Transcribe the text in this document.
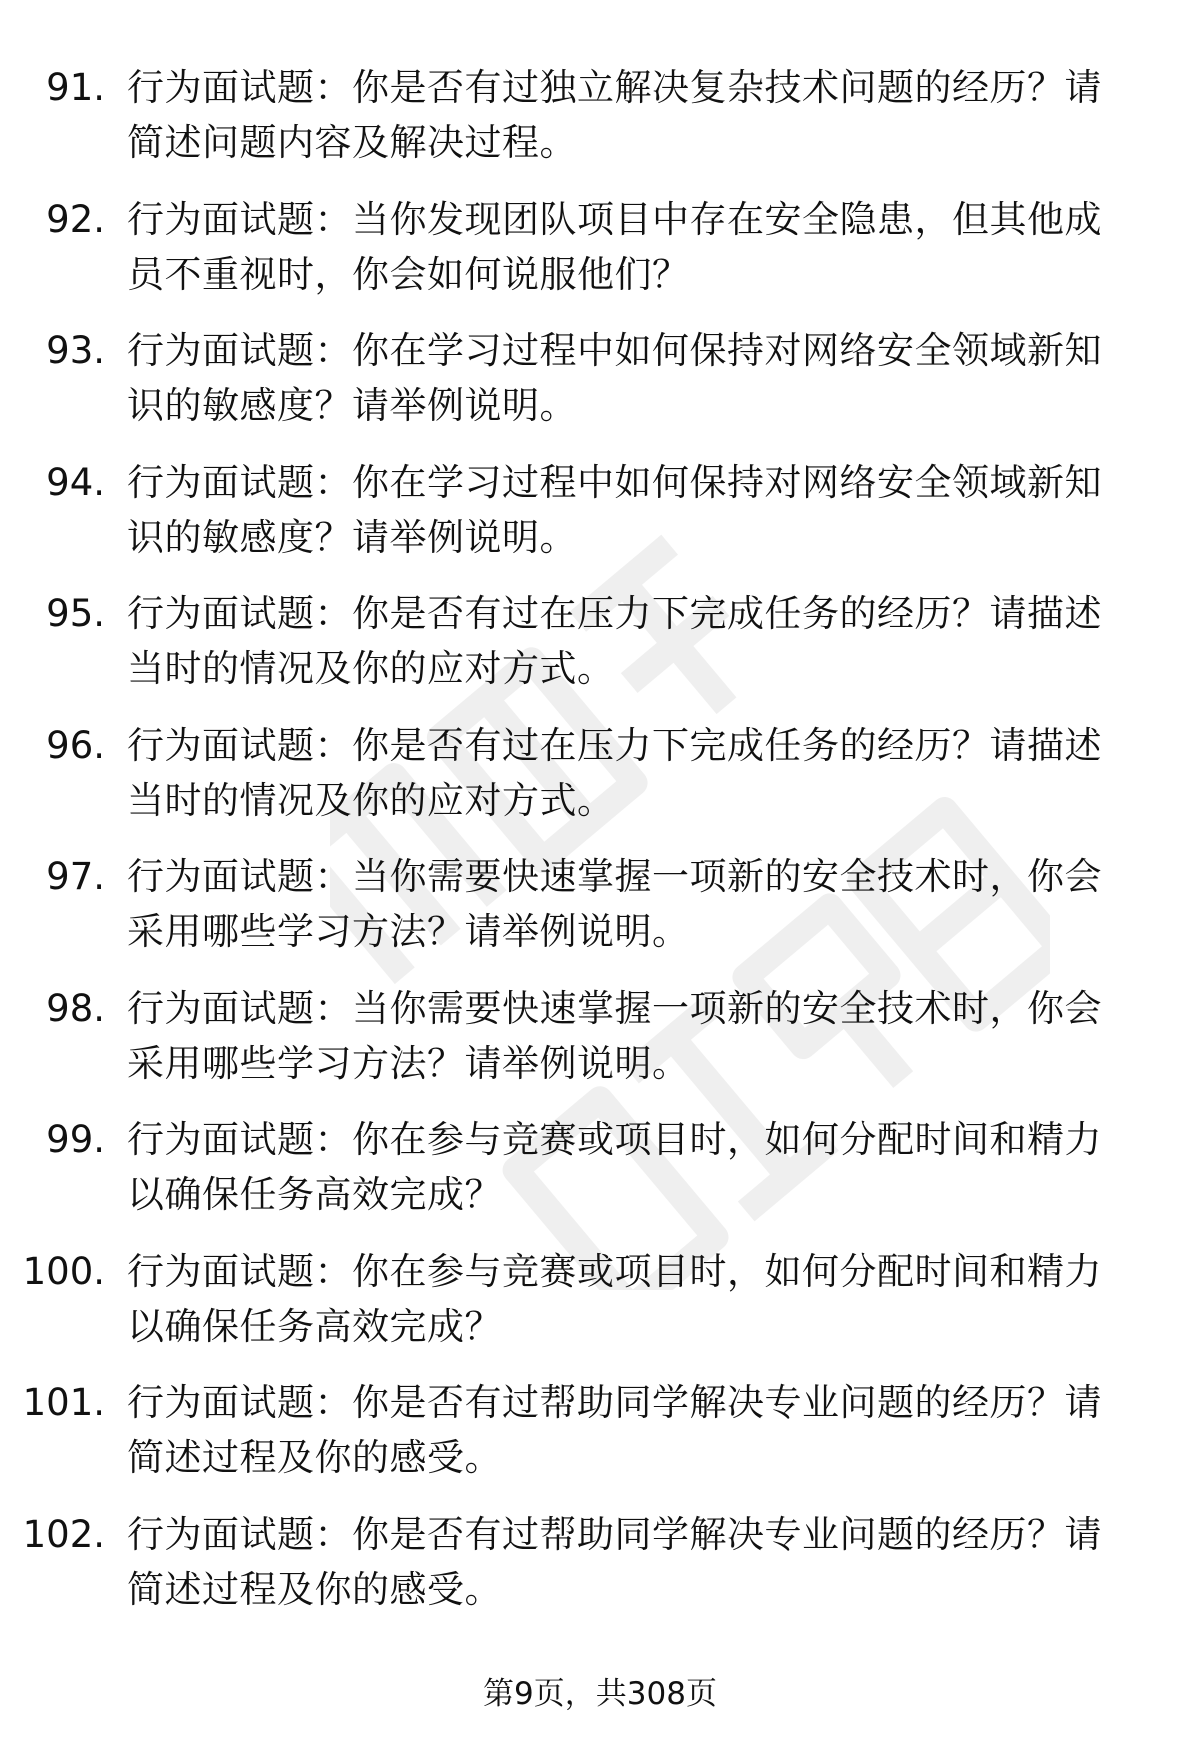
91. 行为面试题：你是否有过独立解决复杂技术问题的经历？请简述问题内容及解决过程。
92. 行为面试题：当你发现团队项目中存在安全隐患，但其他成员不重视时，你会如何说服他们？
93. 行为面试题：你在学习过程中如何保持对网络安全领域新知识的敏感度？请举例说明。
94. 行为面试题：你在学习过程中如何保持对网络安全领域新知识的敏感度？请举例说明。
95. 行为面试题：你是否有过在压力下完成任务的经历？请描述当时的情况及你的应对方式。
96. 行为面试题：你是否有过在压力下完成任务的经历？请描述当时的情况及你的应对方式。
97. 行为面试题：当你需要快速掌握一项新的安全技术时，你会采用哪些学习方法？请举例说明。
98. 行为面试题：当你需要快速掌握一项新的安全技术时，你会采用哪些学习方法？请举例说明。
99. 行为面试题：你在参与竞赛或项目时，如何分配时间和精力以确保任务高效完成？
100. 行为面试题：你在参与竞赛或项目时，如何分配时间和精力以确保任务高效完成？
101. 行为面试题：你是否有过帮助同学解决专业问题的经历？请简述过程及你的感受。
102. 行为面试题：你是否有过帮助同学解决专业问题的经历？请简述过程及你的感受。
第9页，共308页
